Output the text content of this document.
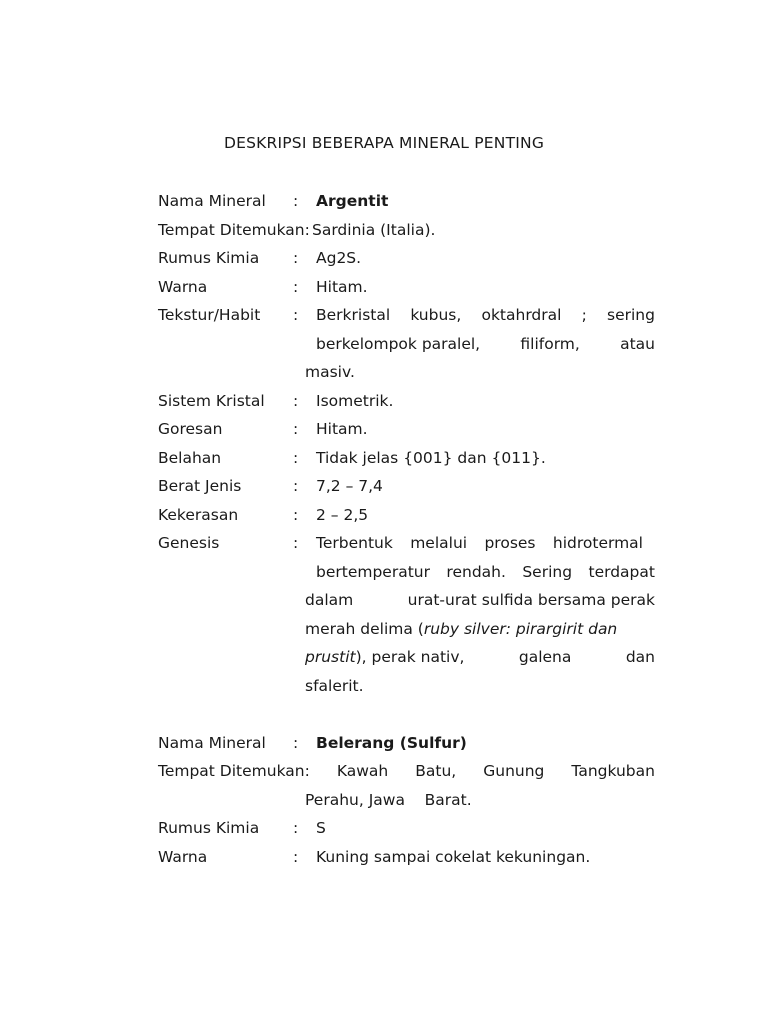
DESKRIPSI BEBERAPA MINERAL PENTING
Nama Mineral : Argentit
Tempat Ditemukan: Sardinia (Italia).
Rumus Kimia : Ag2S.
Warna	: Hitam.
Tekstur/Habit : Berkristal kubus, oktahrdral ; sering
berkelompok paralel,	filiform,	atau
masiv.
Sistem Kristal : Isometrik.
Goresan	: Hitam.
Belahan	: Tidak jelas {001} dan {011}.
Berat Jenis	: 7,2 – 7,4
Kekerasan	: 2 – 2,5
Genesis	: Terbentuk melalui proses hidrotermal
bertemperatur rendah. Sering terdapat
dalam	urat-urat sulfida bersama perak
merah delima (ruby silver: pirargirit dan
prustit), perak nativ,	galena	dan
sfalerit.
Nama Mineral : Belerang (Sulfur)
Tempat Ditemukan: Kawah Batu, Gunung Tangkuban
Perahu, Jawa    Barat.
Rumus Kimia : S
Warna	: Kuning sampai cokelat kekuningan.
